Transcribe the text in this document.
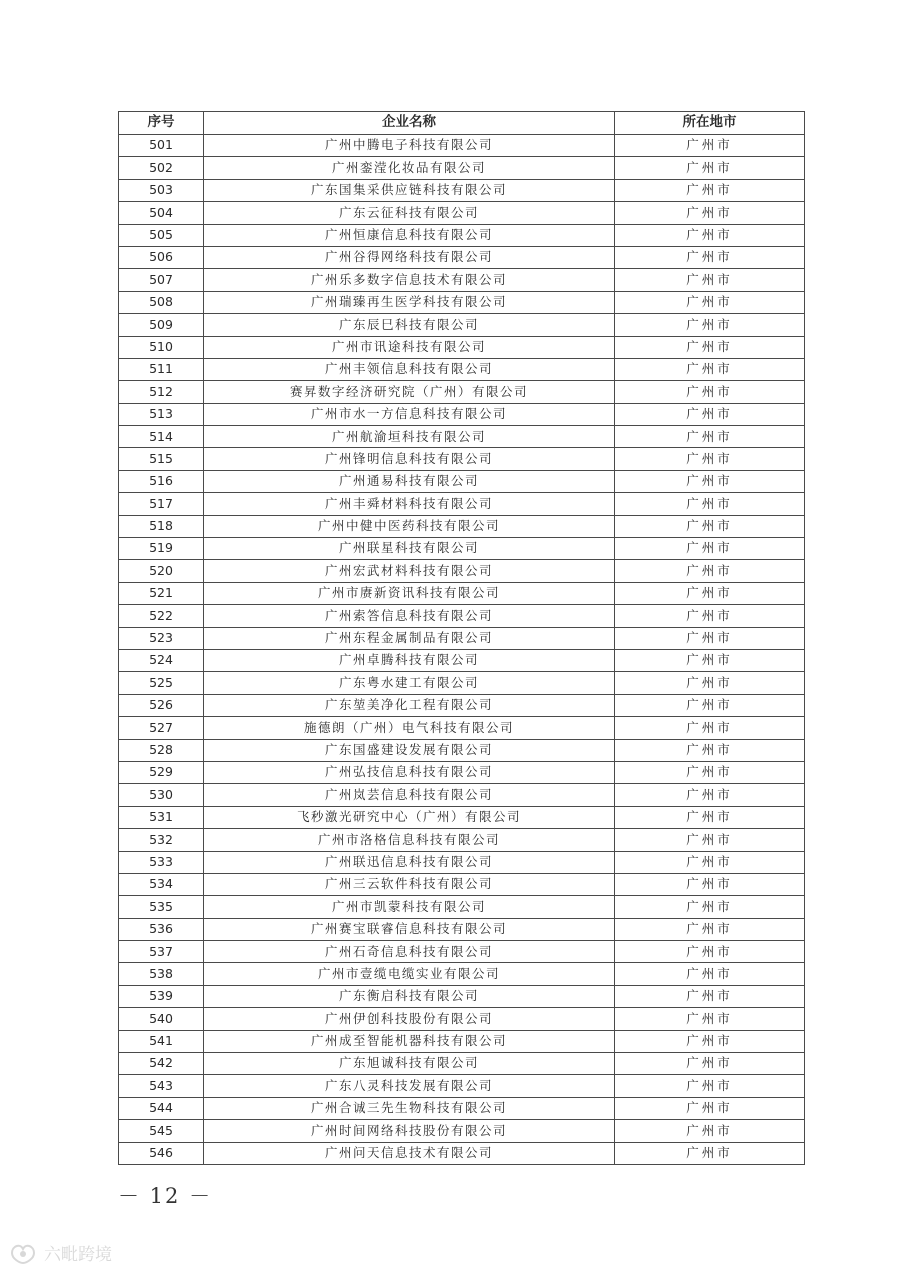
序号	企业名称	所在地市
501	广州中腾电子科技有限公司	广州市
502	广州銮滢化妆品有限公司	广州市
503	广东国集采供应链科技有限公司	广州市
504	广东云征科技有限公司	广州市
505	广州恒康信息科技有限公司	广州市
506	广州谷得网络科技有限公司	广州市
507	广州乐多数字信息技术有限公司	广州市
508	广州瑞臻再生医学科技有限公司	广州市
509	广东辰巳科技有限公司	广州市
510	广州市讯途科技有限公司	广州市
511	广州丰领信息科技有限公司	广州市
512	赛昇数字经济研究院（广州）有限公司	广州市
513	广州市水一方信息科技有限公司	广州市
514	广州航渝垣科技有限公司	广州市
515	广州锋明信息科技有限公司	广州市
516	广州通易科技有限公司	广州市
517	广州丰舜材料科技有限公司	广州市
518	广州中健中医药科技有限公司	广州市
519	广州联星科技有限公司	广州市
520	广州宏武材料科技有限公司	广州市
521	广州市赓新资讯科技有限公司	广州市
522	广州索答信息科技有限公司	广州市
523	广州东程金属制品有限公司	广州市
524	广州卓腾科技有限公司	广州市
525	广东粤水建工有限公司	广州市
526	广东堃美净化工程有限公司	广州市
527	施德朗（广州）电气科技有限公司	广州市
528	广东国盛建设发展有限公司	广州市
529	广州弘技信息科技有限公司	广州市
530	广州岚芸信息科技有限公司	广州市
531	飞秒激光研究中心（广州）有限公司	广州市
532	广州市洛格信息科技有限公司	广州市
533	广州联迅信息科技有限公司	广州市
534	广州三云软件科技有限公司	广州市
535	广州市凯蒙科技有限公司	广州市
536	广州赛宝联睿信息科技有限公司	广州市
537	广州石奇信息科技有限公司	广州市
538	广州市壹缆电缆实业有限公司	广州市
539	广东衡启科技有限公司	广州市
540	广州伊创科技股份有限公司	广州市
541	广州成至智能机器科技有限公司	广州市
542	广东旭诚科技有限公司	广州市
543	广东八灵科技发展有限公司	广州市
544	广州合诚三先生物科技有限公司	广州市
545	广州时间网络科技股份有限公司	广州市
546	广州问天信息技术有限公司	广州市
－ 12 －
六毗跨境
